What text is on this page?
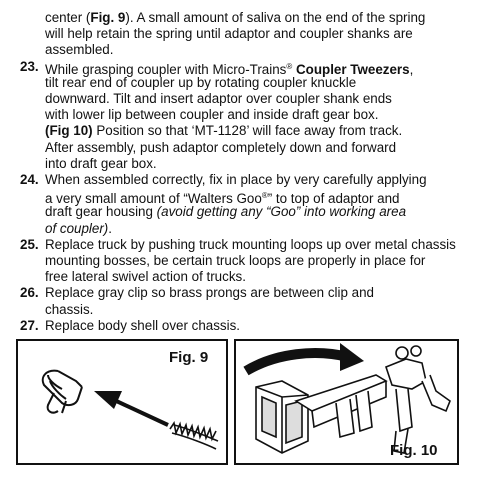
center (Fig. 9). A small amount of saliva on the end of the spring
will help retain the spring until adaptor and coupler shanks are
assembled.
23. While grasping coupler with Micro-Trains® Coupler Tweezers,
tilt rear end of coupler up by rotating coupler knuckle
downward. Tilt and insert adaptor over coupler shank ends
with lower lip between coupler and inside draft gear box.
(Fig 10) Position so that ‘MT-1128’ will face away from track.
After assembly, push adaptor completely down and forward
into draft gear box.
24. When assembled correctly, fix in place by very carefully applying
a very small amount of “Walters Goo®” to top of adaptor and
draft gear housing (avoid getting any “Goo” into working area
of coupler).
25. Replace truck by pushing truck mounting loops up over metal chassis
mounting bosses, be certain truck loops are properly in place for
free lateral swivel action of trucks.
26. Replace gray clip so brass prongs are between clip and
chassis.
27. Replace body shell over chassis.
Fig. 9
Fig. 10
